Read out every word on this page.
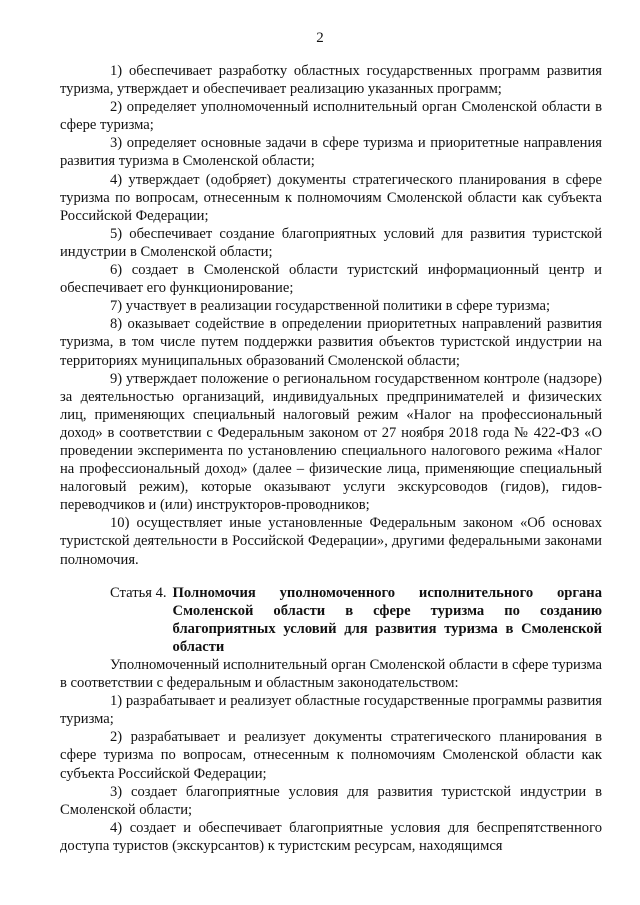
2

1) обеспечивает разработку областных государственных программ развития туризма, утверждает и обеспечивает реализацию указанных программ;

2) определяет уполномоченный исполнительный орган Смоленской области в сфере туризма;

3) определяет основные задачи в сфере туризма и приоритетные направления развития туризма в Смоленской области;

4) утверждает (одобряет) документы стратегического планирования в сфере туризма по вопросам, отнесенным к полномочиям Смоленской области как субъекта Российской Федерации;

5) обеспечивает создание благоприятных условий для развития туристской индустрии в Смоленской области;

6) создает в Смоленской области туристский информационный центр и обеспечивает его функционирование;

7) участвует в реализации государственной политики в сфере туризма;

8) оказывает содействие в определении приоритетных направлений развития туризма, в том числе путем поддержки развития объектов туристской индустрии на территориях муниципальных образований Смоленской области;

9) утверждает положение о региональном государственном контроле (надзоре) за деятельностью организаций, индивидуальных предпринимателей и физических лиц, применяющих специальный налоговый режим «Налог на профессиональный доход» в соответствии с Федеральным законом от 27 ноября 2018 года № 422-ФЗ «О проведении эксперимента по установлению специального налогового режима «Налог на профессиональный доход» (далее – физические лица, применяющие специальный налоговый режим), которые оказывают услуги экскурсоводов (гидов), гидов-переводчиков и (или) инструкторов-проводников;

10) осуществляет иные установленные Федеральным законом «Об основах туристской деятельности в Российской Федерации», другими федеральными законами полномочия.

Статья 4. Полномочия уполномоченного исполнительного органа Смоленской области в сфере туризма по созданию благоприятных условий для развития туризма в Смоленской области

Уполномоченный исполнительный орган Смоленской области в сфере туризма в соответствии с федеральным и областным законодательством:

1) разрабатывает и реализует областные государственные программы развития туризма;

2) разрабатывает и реализует документы стратегического планирования в сфере туризма по вопросам, отнесенным к полномочиям Смоленской области как субъекта Российской Федерации;

3) создает благоприятные условия для развития туристской индустрии в Смоленской области;

4) создает и обеспечивает благоприятные условия для беспрепятственного доступа туристов (экскурсантов) к туристским ресурсам, находящимся
